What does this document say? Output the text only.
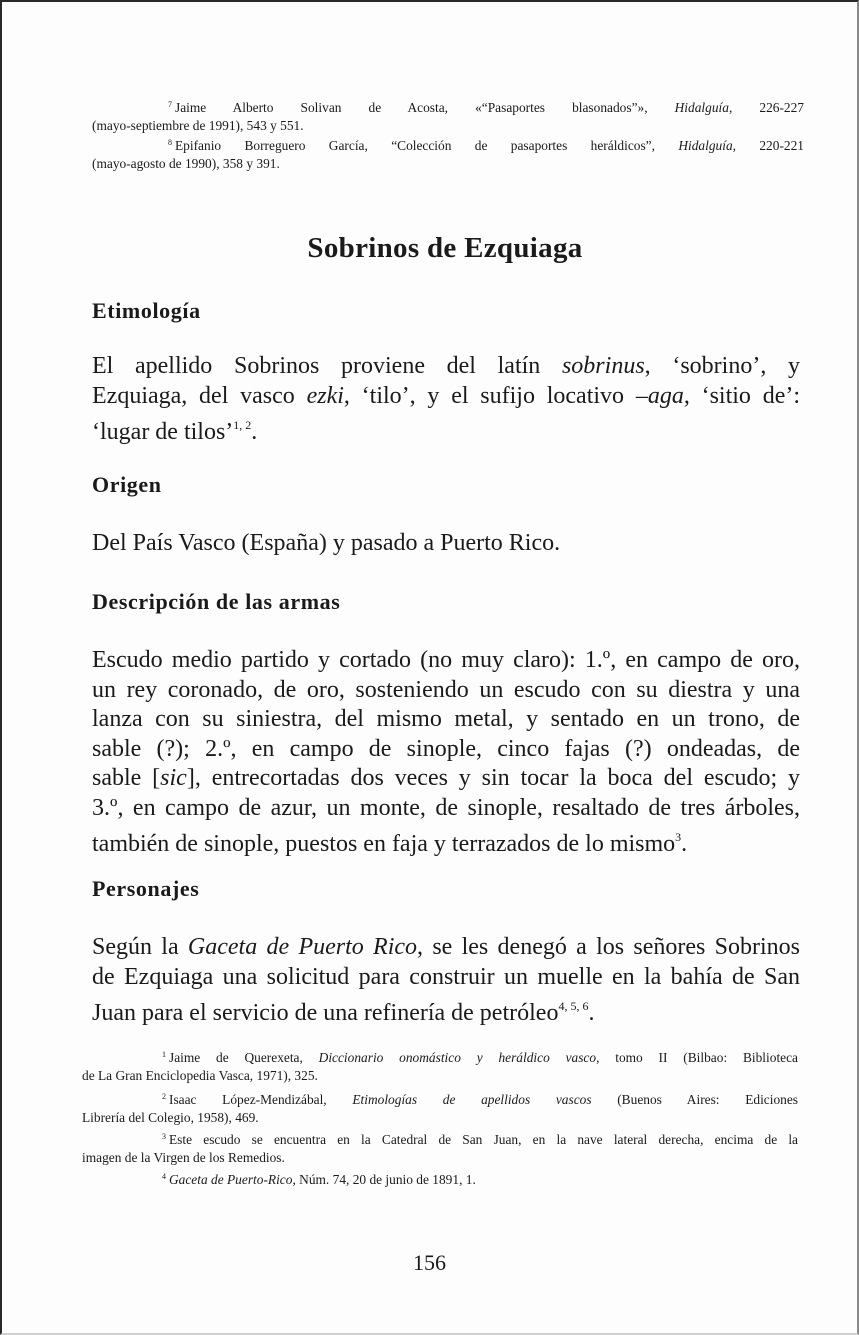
$^7$ Jaime Alberto Solivan de Acosta, «“Pasaportes blasonados”», Hidalguía, 226-227
(mayo-septiembre de 1991), 543 y 551.
$^8$ Epifanio Borreguero García, “Colección de pasaportes heráldicos”, Hidalguía, 220-221
(mayo-agosto de 1990), 358 y 391.
Sobrinos de Ezquiaga
Etimología
El apellido Sobrinos proviene del latín sobrinus, ‘sobrino’, y
Ezquiaga, del vasco ezki, ‘tilo’, y el sufijo locativo –aga, ‘sitio de’:
‘lugar de tilos’$^{1, 2}$.
Origen
Del País Vasco (España) y pasado a Puerto Rico.
Descripción de las armas
Escudo medio partido y cortado (no muy claro): 1.º, en campo de oro,
un rey coronado, de oro, sosteniendo un escudo con su diestra y una
lanza con su siniestra, del mismo metal, y sentado en un trono, de
sable (?); 2.º, en campo de sinople, cinco fajas (?) ondeadas, de
sable [sic], entrecortadas dos veces y sin tocar la boca del escudo; y
3.º, en campo de azur, un monte, de sinople, resaltado de tres árboles,
también de sinople, puestos en faja y terrazados de lo mismo$^3$.
Personajes
Según la Gaceta de Puerto Rico, se les denegó a los señores Sobrinos
de Ezquiaga una solicitud para construir un muelle en la bahía de San
Juan para el servicio de una refinería de petróleo$^{4, 5, 6}$.
$^1$ Jaime de Querexeta, Diccionario onomástico y heráldico vasco, tomo II (Bilbao: Biblioteca
de La Gran Enciclopedia Vasca, 1971), 325.
$^2$ Isaac López-Mendizábal, Etimologías de apellidos vascos (Buenos Aires: Ediciones
Librería del Colegio, 1958), 469.
$^3$ Este escudo se encuentra en la Catedral de San Juan, en la nave lateral derecha, encima de la
imagen de la Virgen de los Remedios.
$^4$ Gaceta de Puerto-Rico, Núm. 74, 20 de junio de 1891, 1.
156
